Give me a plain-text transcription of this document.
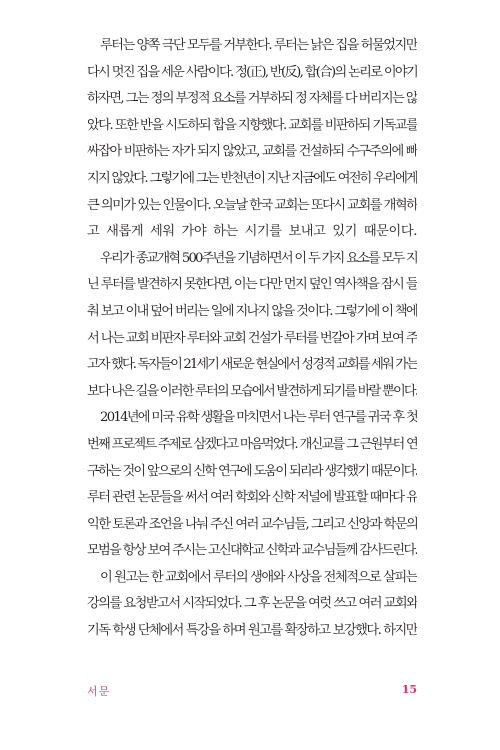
루터는 양쪽 극단 모두를 거부한다. 루터는 낡은 집을 허물었지만
다시 멋진 집을 세운 사람이다. 정(正), 반(反), 합(合)의 논리로 이야기
하자면, 그는 정의 부정적 요소를 거부하되 정 자체를 다 버리지는 않
았다. 또한 반을 시도하되 합을 지향했다. 교회를 비판하되 기독교를
싸잡아 비판하는 자가 되지 않았고, 교회를 건설하되 수구주의에 빠
지지 않았다. 그렇기에 그는 반천년이 지난 지금에도 여전히 우리에게
큰 의미가 있는 인물이다. 오늘날 한국 교회는 또다시 교회를 개혁하
고 새롭게 세워 가야 하는 시기를 보내고 있기 때문이다.
우리가 종교개혁 500주년을 기념하면서 이 두 가지 요소를 모두 지
닌 루터를 발견하지 못한다면, 이는 다만 먼지 덮인 역사책을 잠시 들
춰 보고 이내 덮어 버리는 일에 지나지 않을 것이다. 그렇기에 이 책에
서 나는 교회 비판자 루터와 교회 건설가 루터를 번갈아 가며 보여 주
고자 했다. 독자들이 21세기 새로운 현실에서 성경적 교회를 세워 가는
보다 나은 길을 이러한 루터의 모습에서 발견하게 되기를 바랄 뿐이다.
2014년에 미국 유학 생활을 마치면서 나는 루터 연구를 귀국 후 첫
번째 프로젝트 주제로 삼겠다고 마음먹었다. 개신교를 그 근원부터 연
구하는 것이 앞으로의 신학 연구에 도움이 되리라 생각했기 때문이다.
루터 관련 논문들을 써서 여러 학회와 신학 저널에 발표할 때마다 유
익한 토론과 조언을 나눠 주신 여러 교수님들, 그리고 신앙과 학문의
모범을 항상 보여 주시는 고신대학교 신학과 교수님들께 감사드린다.
이 원고는 한 교회에서 루터의 생애와 사상을 전체적으로 살피는
강의를 요청받고서 시작되었다. 그 후 논문을 여럿 쓰고 여러 교회와
기독 학생 단체에서 특강을 하며 원고를 확장하고 보강했다. 하지만
서문	15
